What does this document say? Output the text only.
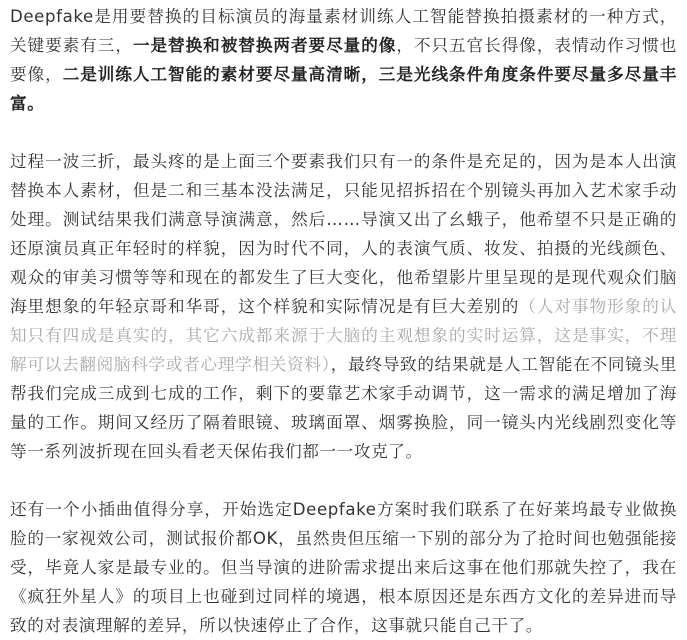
Deepfake是用要替换的目标演员的海量素材训练人工智能替换拍摄素材的一种方式，关键要素有三，一是替换和被替换两者要尽量的像，不只五官长得像，表情动作习惯也要像，二是训练人工智能的素材要尽量高清晰，三是光线条件角度条件要尽量多尽量丰富。

过程一波三折，最头疼的是上面三个要素我们只有一的条件是充足的，因为是本人出演替换本人素材，但是二和三基本没法满足，只能见招拆招在个别镜头再加入艺术家手动处理。测试结果我们满意导演满意，然后……导演又出了幺蛾子，他希望不只是正确的还原演员真正年轻时的样貌，因为时代不同，人的表演气质、妆发、拍摄的光线颜色、观众的审美习惯等等和现在的都发生了巨大变化，他希望影片里呈现的是现代观众们脑海里想象的年轻京哥和华哥，这个样貌和实际情况是有巨大差别的（人对事物形象的认知只有四成是真实的，其它六成都来源于大脑的主观想象的实时运算，这是事实，不理解可以去翻阅脑科学或者心理学相关资料），最终导致的结果就是人工智能在不同镜头里帮我们完成三成到七成的工作，剩下的要靠艺术家手动调节，这一需求的满足增加了海量的工作。期间又经历了隔着眼镜、玻璃面罩、烟雾换脸，同一镜头内光线剧烈变化等等一系列波折现在回头看老天保佑我们都一一攻克了。

还有一个小插曲值得分享，开始选定Deepfake方案时我们联系了在好莱坞最专业做换脸的一家视效公司，测试报价都OK，虽然贵但压缩一下别的部分为了抢时间也勉强能接受，毕竟人家是最专业的。但当导演的进阶需求提出来后这事在他们那就失控了，我在《疯狂外星人》的项目上也碰到过同样的境遇，根本原因还是东西方文化的差异进而导致的对表演理解的差异，所以快速停止了合作，这事就只能自己干了。
